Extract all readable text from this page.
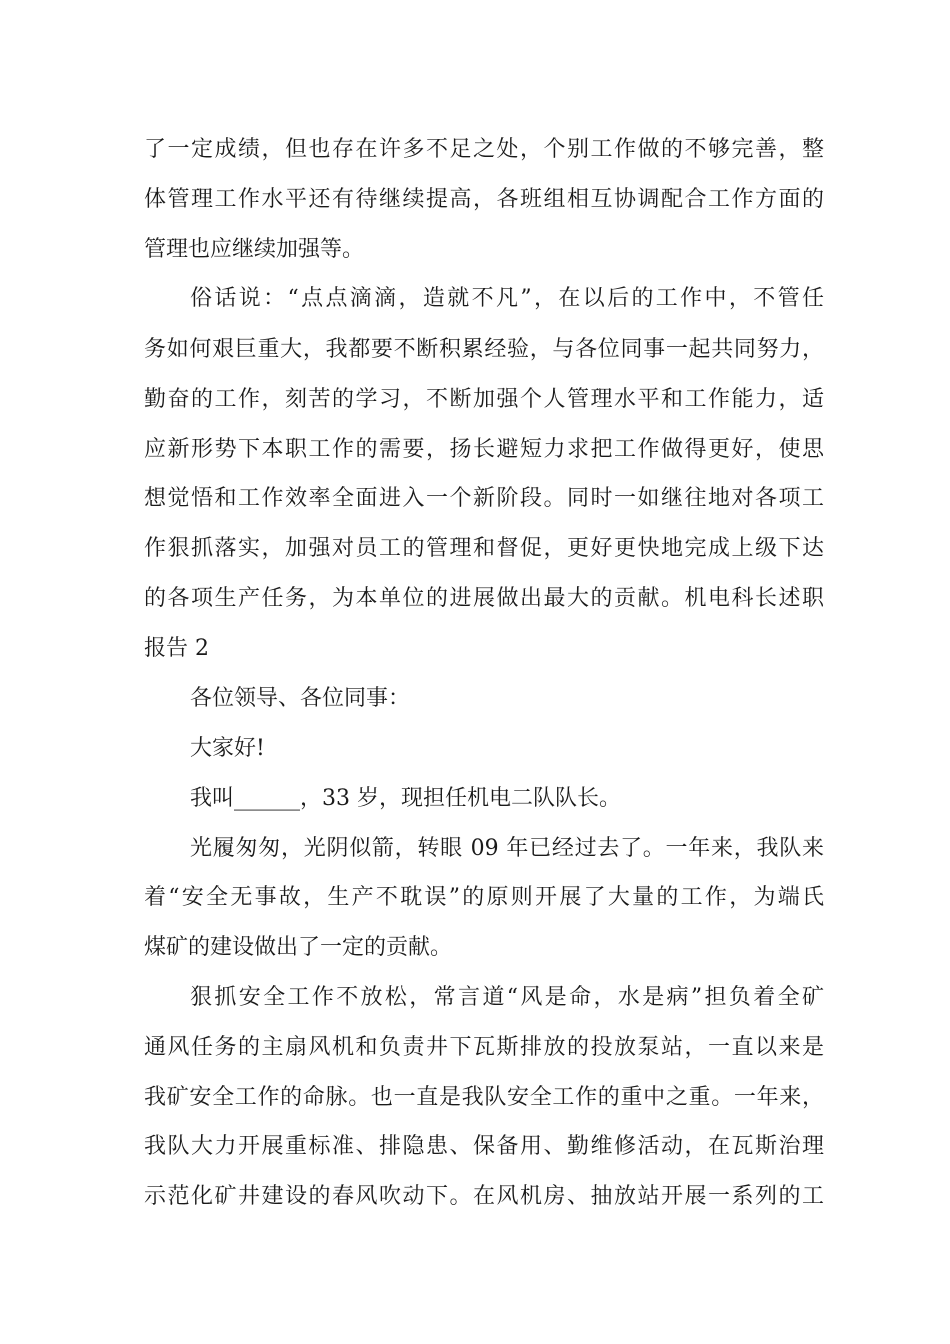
了一定成绩，但也存在许多不足之处，个别工作做的不够完善，整
体管理工作水平还有待继续提高，各班组相互协调配合工作方面的
管理也应继续加强等。
俗话说：“点点滴滴，造就不凡”，在以后的工作中，不管任
务如何艰巨重大，我都要不断积累经验，与各位同事一起共同努力，
勤奋的工作，刻苦的学习，不断加强个人管理水平和工作能力，适
应新形势下本职工作的需要，扬长避短力求把工作做得更好，使思
想觉悟和工作效率全面进入一个新阶段。同时一如继往地对各项工
作狠抓落实，加强对员工的管理和督促，更好更快地完成上级下达
的各项生产任务，为本单位的进展做出最大的贡献。机电科长述职
报告 2
各位领导、各位同事：
大家好!
我叫______，33 岁，现担任机电二队队长。
光履匆匆，光阴似箭，转眼 09 年已经过去了。一年来，我队来
着“安全无事故，生产不耽误”的原则开展了大量的工作，为端氏
煤矿的建设做出了一定的贡献。
狠抓安全工作不放松，常言道“风是命，水是病”担负着全矿
通风任务的主扇风机和负责井下瓦斯排放的投放泵站，一直以来是
我矿安全工作的命脉。也一直是我队安全工作的重中之重。一年来，
我队大力开展重标准、排隐患、保备用、勤维修活动，在瓦斯治理
示范化矿井建设的春风吹动下。在风机房、抽放站开展一系列的工
